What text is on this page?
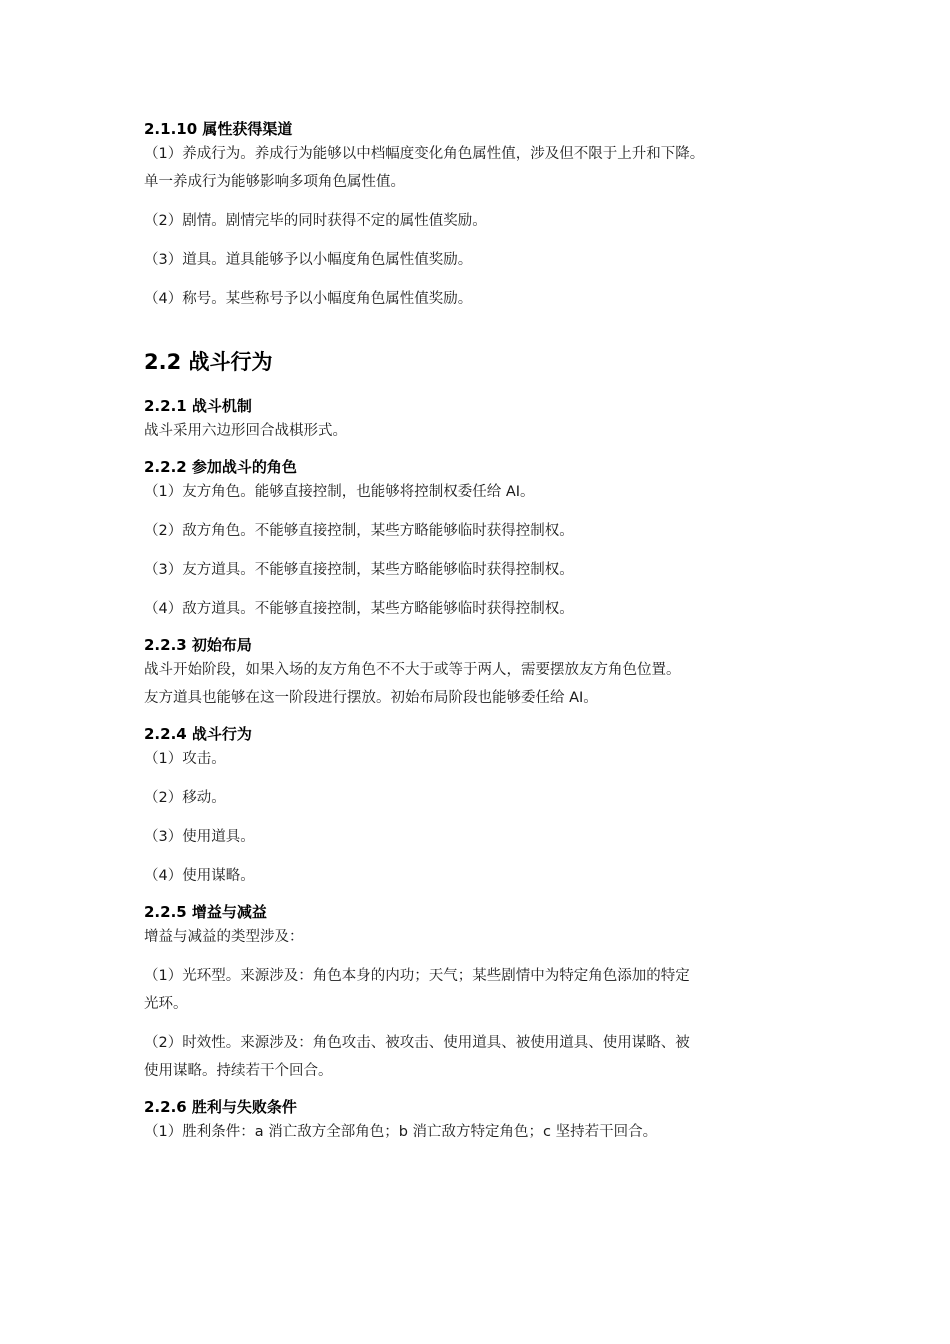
2.1.10 属性获得渠道
（1）养成行为。养成行为能够以中档幅度变化角色属性值，涉及但不限于上升和下降。
单一养成行为能够影响多项角色属性值。
（2）剧情。剧情完毕的同时获得不定的属性值奖励。
（3）道具。道具能够予以小幅度角色属性值奖励。
（4）称号。某些称号予以小幅度角色属性值奖励。
2.2 战斗行为
2.2.1 战斗机制
战斗采用六边形回合战棋形式。
2.2.2 参加战斗的角色
（1）友方角色。能够直接控制，也能够将控制权委任给 AI。
（2）敌方角色。不能够直接控制，某些方略能够临时获得控制权。
（3）友方道具。不能够直接控制，某些方略能够临时获得控制权。
（4）敌方道具。不能够直接控制，某些方略能够临时获得控制权。
2.2.3 初始布局
战斗开始阶段，如果入场的友方角色不不大于或等于两人，需要摆放友方角色位置。
友方道具也能够在这一阶段进行摆放。初始布局阶段也能够委任给 AI。
2.2.4 战斗行为
（1）攻击。
（2）移动。
（3）使用道具。
（4）使用谋略。
2.2.5 增益与减益
增益与减益的类型涉及：
（1）光环型。来源涉及：角色本身的内功；天气；某些剧情中为特定角色添加的特定
光环。
（2）时效性。来源涉及：角色攻击、被攻击、使用道具、被使用道具、使用谋略、被
使用谋略。持续若干个回合。
2.2.6 胜利与失败条件
（1）胜利条件：a 消亡敌方全部角色；b 消亡敌方特定角色；c 坚持若干回合。
